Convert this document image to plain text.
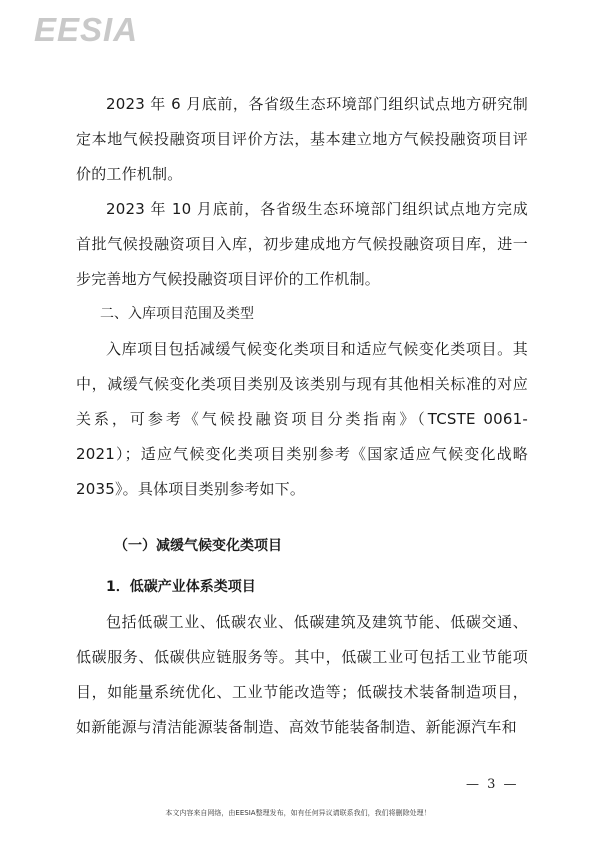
EESIA

2023 年 6 月底前，各省级生态环境部门组织试点地方研究制定本地气候投融资项目评价方法，基本建立地方气候投融资项目评价的工作机制。

2023 年 10 月底前，各省级生态环境部门组织试点地方完成首批气候投融资项目入库，初步建成地方气候投融资项目库，进一步完善地方气候投融资项目评价的工作机制。

二、入库项目范围及类型

入库项目包括减缓气候变化类项目和适应气候变化类项目。其中，减缓气候变化类项目类别及该类别与现有其他相关标准的对应关系，可参考《气候投融资项目分类指南》（TCSTE 0061-2021）；适应气候变化类项目类别参考《国家适应气候变化战略 2035》。具体项目类别参考如下。

（一）减缓气候变化类项目

1．低碳产业体系类项目

包括低碳工业、低碳农业、低碳建筑及建筑节能、低碳交通、低碳服务、低碳供应链服务等。其中，低碳工业可包括工业节能项目，如能量系统优化、工业节能改造等；低碳技术装备制造项目，如新能源与清洁能源装备制造、高效节能装备制造、新能源汽车和

— 3 —
本文内容来自网络，由EESIA整理发布，如有任何异议请联系我们，我们将删除处理！
